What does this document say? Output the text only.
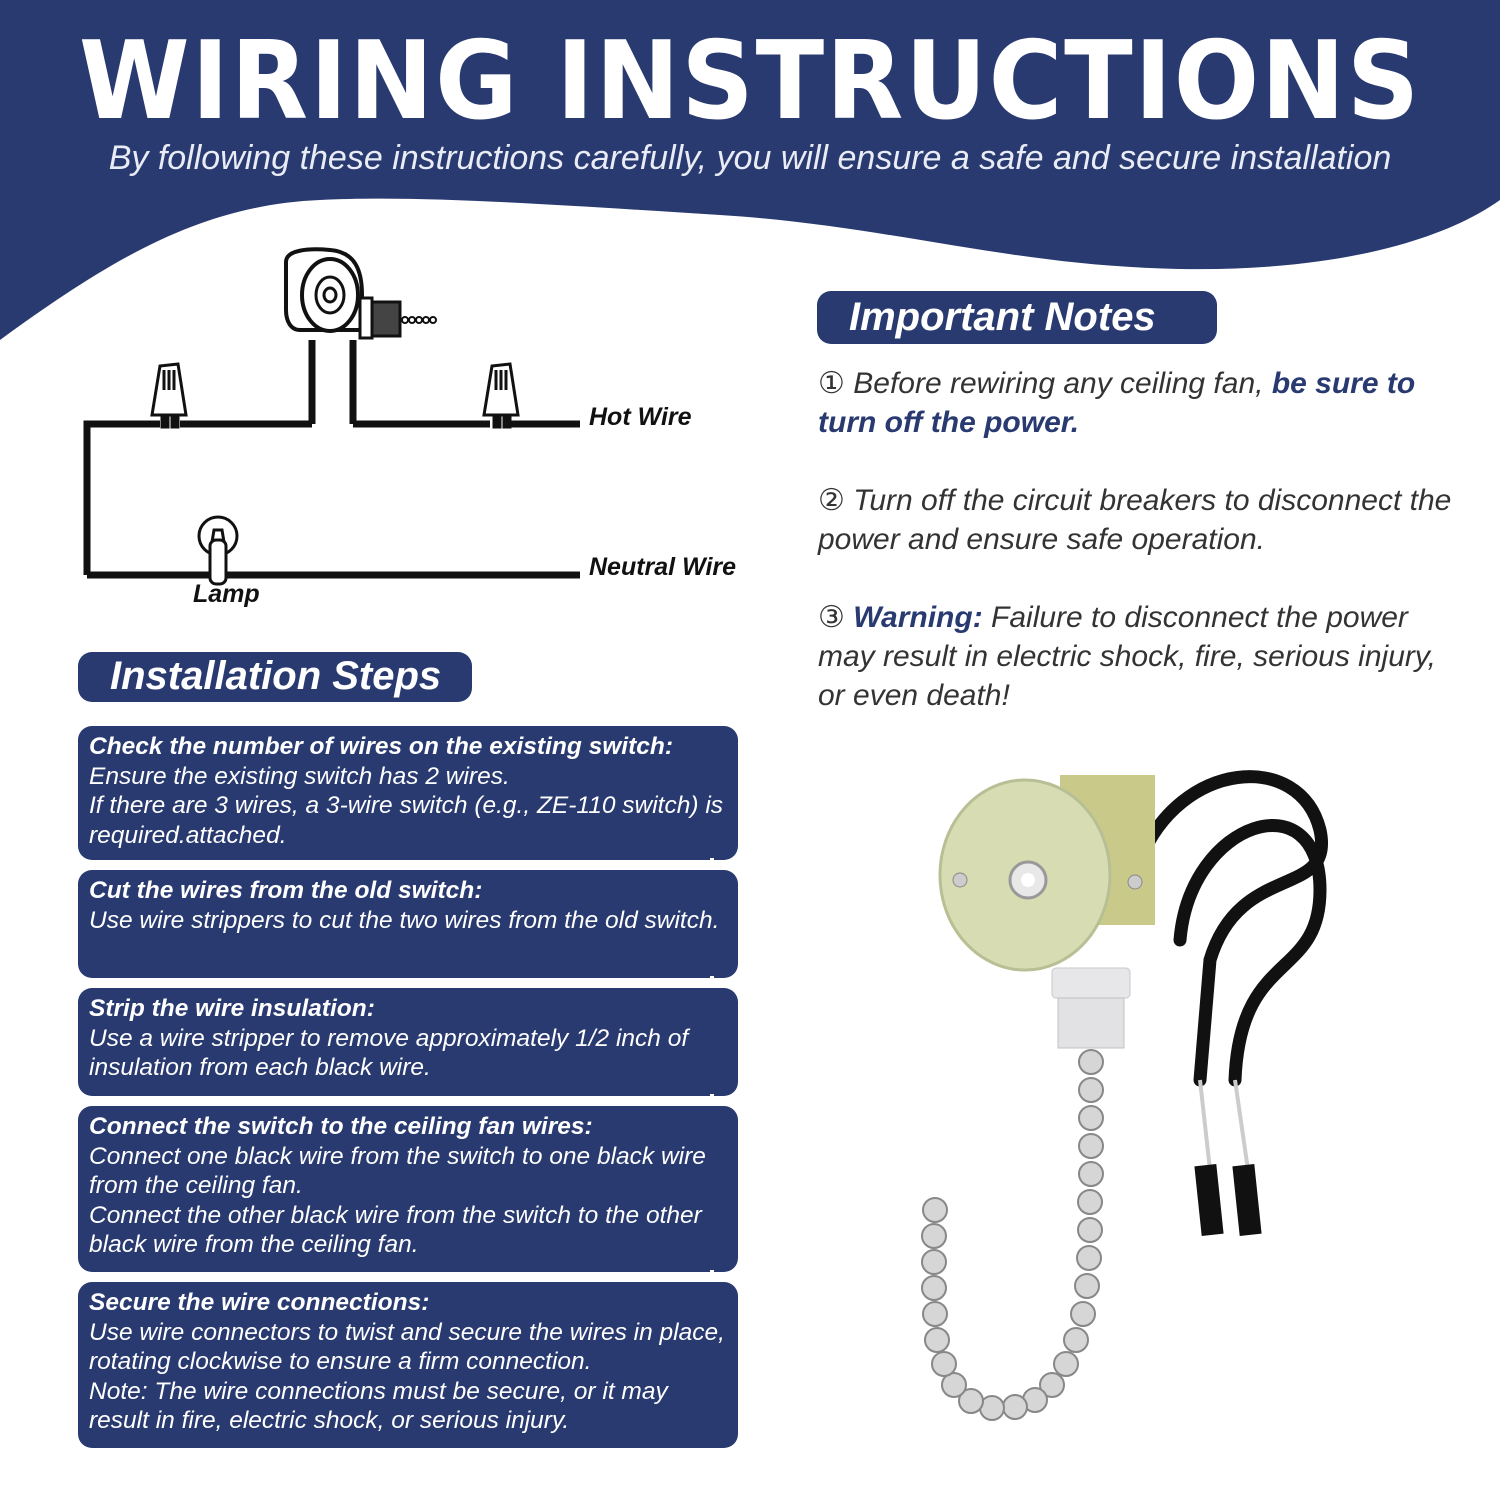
WIRING INSTRUCTIONS
By following these instructions carefully, you will ensure a safe and secure installation
Hot Wire
Neutral Wire
Lamp
Important Notes

① Before rewiring any ceiling fan, be sure to turn off the power.

② Turn off the circuit breakers to disconnect the power and ensure safe operation.

③ Warning: Failure to disconnect the power may result in electric shock, fire, serious injury, or even death!

Installation Steps
Check the number of wires on the existing switch:
Ensure the existing switch has 2 wires.
If there are 3 wires, a 3-wire switch (e.g., ZE-110 switch) is required.attached.
Cut the wires from the old switch:
Use wire strippers to cut the two wires from the old switch.
Strip the wire insulation:
Use a wire stripper to remove approximately 1/2 inch of insulation from each black wire.
Connect the switch to the ceiling fan wires:
Connect one black wire from the switch to one black wire from the ceiling fan.
Connect the other black wire from the switch to the other black wire from the ceiling fan.
Secure the wire connections:
Use wire connectors to twist and secure the wires in place, rotating clockwise to ensure a firm connection.
Note: The wire connections must be secure, or it may result in fire, electric shock, or serious injury.
